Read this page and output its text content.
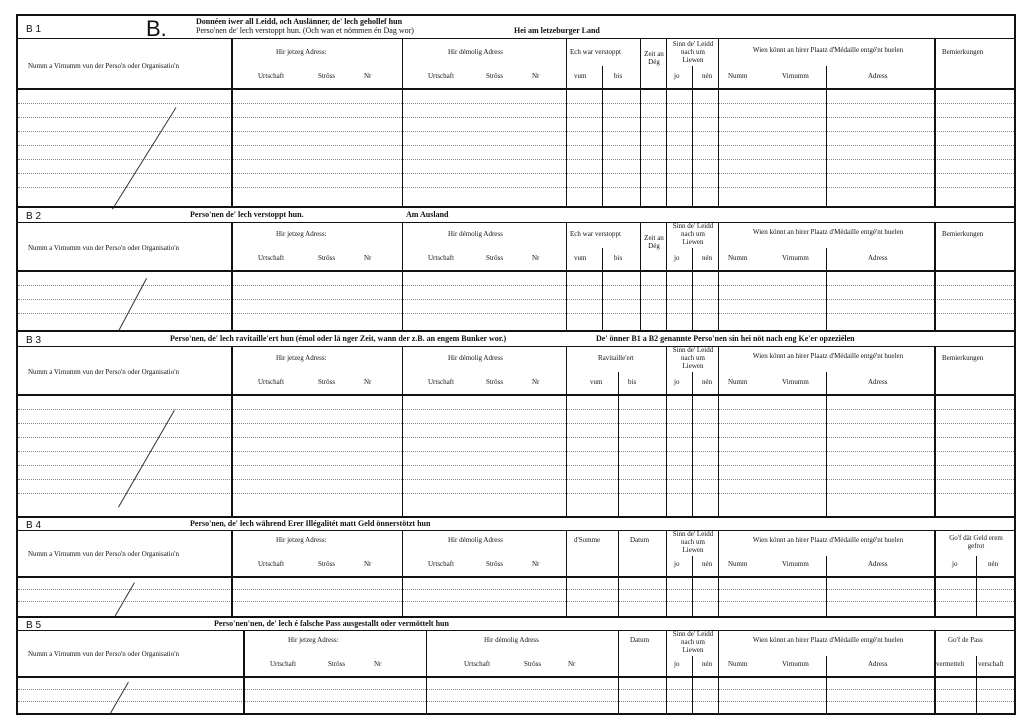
B 1	B.	Donnéen iwer all Leidd, och Auslänner, de' lech gehollef hun
Perso'nen de' lech verstoppt hun. (Och wan et nömmen én Dag wor)	Hei am letzeburger Land
Numm a Virnumm vun der Perso'n oder Organisatio'n
Hir jetzeg Adress:
Urtschaft	Ströss	Nr
Hir démolig Adress
Urtschaft	Ströss	Nr
Ech war verstoppt
vum	bis
Zeit an Dég
Sinn de' Leidd nach um Liewen
jo	nén
Wien könnt an hirer Plaatz d'Médaille entgé'nt huelen
Numm	Virnumm	Adress
Bemierkungen
B 2	Perso'nen de' lech verstoppt hun.	Am Ausland
Numm a Virnumm vun der Perso'n oder Organisatio'n
Hir jetzeg Adress:
Urtschaft	Ströss	Nr
Hir démolig Adress
Urtschaft	Ströss	Nr
Ech war verstoppt
vum	bis
Zeit an Dég
Sinn de' Leidd nach um Liewen
jo	nén
Wien könnt an hirer Plaatz d'Médaille entgé'nt huelen
Numm	Virnumm	Adress
Bemierkungen
B 3	Perso'nen, de' lech ravitaille'ert hun (émol oder lä nger Zeit, wann der z.B. an engem Bunker wor.)	De' önner B1 a B2 genannte Perso'nen sin hei nöt nach eng Ke'er opzeziélen
Numm a Virnumm vun der Perso'n oder Organisatio'n
Hir jetzeg Adress:
Urtschaft	Ströss	Nr
Hir démolig Adress
Urtschaft	Ströss	Nr
Ravitaille'ert
vum	bis
Sinn de' Leidd nach um Liewen
jo	nén
Wien könnt an hirer Plaatz d'Médaille entgé'nt huelen
Numm	Virnumm	Adress
Bemierkungen
B 4	Perso'nen, de' lech während Erer Illégalitét matt Geld önnerstötzt hun
Numm a Virnumm vun der Perso'n oder Organisatio'n
Hir jetzeg Adress:
Urtschaft	Ströss	Nr
Hir démolig Adress
Urtschaft	Ströss	Nr
d'Somme	Datum
Sinn de' Leidd nach um Liewen
jo	nén
Wien könnt an hirer Plaatz d'Médaille entgé'nt huelen
Numm	Virnumm	Adress
Go'f dät Geld erem gefrot
jo	nén
B 5	Perso'nen'nen, de' lech é falsche Pass ausgestallt oder vermöttelt hun
Numm a Virnumm vun der Perso'n oder Organisatio'n
Hir jetzeg Adress:
Urtschaft	Ströss	Nr
Hir démolig Adress
Urtschaft	Ströss	Nr
Datum
Sinn de' Leidd nach um Liewen
jo	nén
Wien könnt an hirer Plaatz d'Médaille entgé'nt huelen
Numm	Virnumm	Adress
Go'f de Pass
vermettelt verschaft
